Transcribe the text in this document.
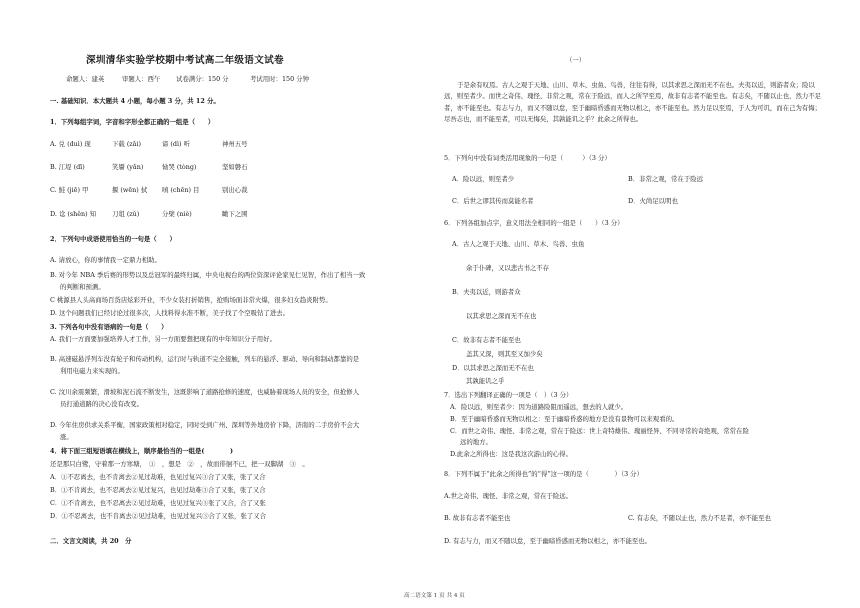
深圳清华实验学校期中考试高二年级语文试卷
命题人：建英	审题人：西午 试卷满分：150 分	考试用时：150 分钟
一. 基础知识．本大题共 4 小题，每小题 3 分，共 12 分。
1．下列每组字词，字音和字形全都正确的一组是（　　）
A. 兑 (duì) 现	下载 (zǎi)	谛 (dì) 听	神州五号
B. 江堤 (dī)	笑靥 (yǎn)	恸哭 (tòng)	坚如磐石
C. 鲑 (jiē) 甲	揠 (wēn) 拭 嗔 (chēn) 目	别出心裁
D. 谂 (shěn) 知 刀俎 (zǔ)	分檗 (niè)	瞰下之围
2．下列句中成语使用恰当的一句是（　　）
A. 请放心，你的事情我一定鼎力相助。
B. 对今年 NBA 季后赛的形势以及总冠军的最终归属，中央电视台的两位资深评论家见仁见智，作出了相当一致
的判断和预测。
C 桃源县人头高商场百货店炫彩开业，不少女装打折销售，抢购场面非常火爆，很多妇女趋炎附势。
D. 这个问题我们已经讨论过很多次，人找料得水准不断，美子找了个空吸钻了进去。
3. 下列各句中没有语病的一句是（　　）
A. 我们一方面要加强培养人才工作，另一方面要想把现有的中年知识分子用好。
B. 高速磁悬浮列车没有轮子和传动机构，运行时与轨道不完全接触，列车的悬浮、驱动、导向和制动都靠的是
利用电磁力来实现的。
C. 汶川余震频繁，滑坡和泥石流不断发生，这既影响了道路抢修的速度，也威胁着现场人员的安全，但抢修人
员打通道路的决心没有改变。
D. 今年住房供求关系平衡，国家政策相对稳定，同时受到广州、深圳等外地房价下降，济南的二手房价不会大
涨。
4．将下面三组短语填在横线上，顺序最恰当的一组是(　　　　)
还是那只白鹭，守着那一方寒塘，　①　，想是　②　，故而徘徊不已，把一双脚湖　③　。
A．①不忍离去，也不肯离去②见过劫难，也见过复兴③合了又张，张了又合
B．①不肯离去，也不忍离去②见过复兴，也见过劫难③合了又张，张了又合
C．①不肯离去，也不忍离去②见过劫难，也见过复兴③张了又合，合了又张
D．①不忍离去，也不肯离去②见过劫难，也见过复兴③合了又张，张了又合
二．文言文阅读，共 20　分
（一）
于是余有叹焉。古人之观于天地、山川、草木、虫鱼、鸟兽，往往有得，以其求思之深而无不在也。夫夷以近，则游者众；险以远，则至者少。而世之奇伟、瑰怪、非常之观，常在于险远，而人之所罕至焉，故非有志者不能至也。有志矣，不随以止也，然力不足者，亦不能至也。有志与力，而又不随以怠，至于幽暗昏惑而无物以相之，亦不能至也。然力足以至焉，于人为可讥，而在己为有悔；尽吾志也，而不能至者，可以无悔矣，其孰能讥之乎？此余之所得也。
5．下列句中没有词类活用现象的一句是（　　　）（3 分）
A．险以远，则至者少	B．非常之观，常在于险远
C．后世之谬其传而莫能名者	D．火尚足以明也
6．下列各组加点字，意义用法全相同的一组是（　　）（3 分）
A．古人之观于天地、山川、草木、鸟兽、虫鱼
余于仆碑，又以悲古书之不存
B．夫夷以近，则游者众
以其求思之深而无不在也
C．故非有志者不能至也
盖其又深，则其至又加少矣
D．以其求思之深而无不在也
其孰能讥之乎
7．选出下列翻译正确的一项是（　）（3 分）
A．险以远，则至者少：因为道路险阻而遥远，想去的人就少。
B．至于幽暗昏惑而无物以相之：至于幽暗昏惑的地方是没有景物可以来观看的。
C．而世之奇伟、瑰怪、非常之观，常在于险远：世上奇特雄伟、瑰丽怪异、不同寻常的奇绝观，常常在险
远的地方。
D.此余之所得也：这是我这次游山的心得。
8．下列不属于“此余之所得也”的“得”这一项的是（　　　　）（3 分）
A.世之奇伟、瑰怪、非常之观，常在于险远。
B. 故非有志者不能至也	C. 有志矣，不随以止也，然力不足者，亦不能至也
D. 有志与力，而又不随以怠，至于幽暗昏惑而无物以相之，亦不能至也。
高二语文第 1 页 共 4 页
